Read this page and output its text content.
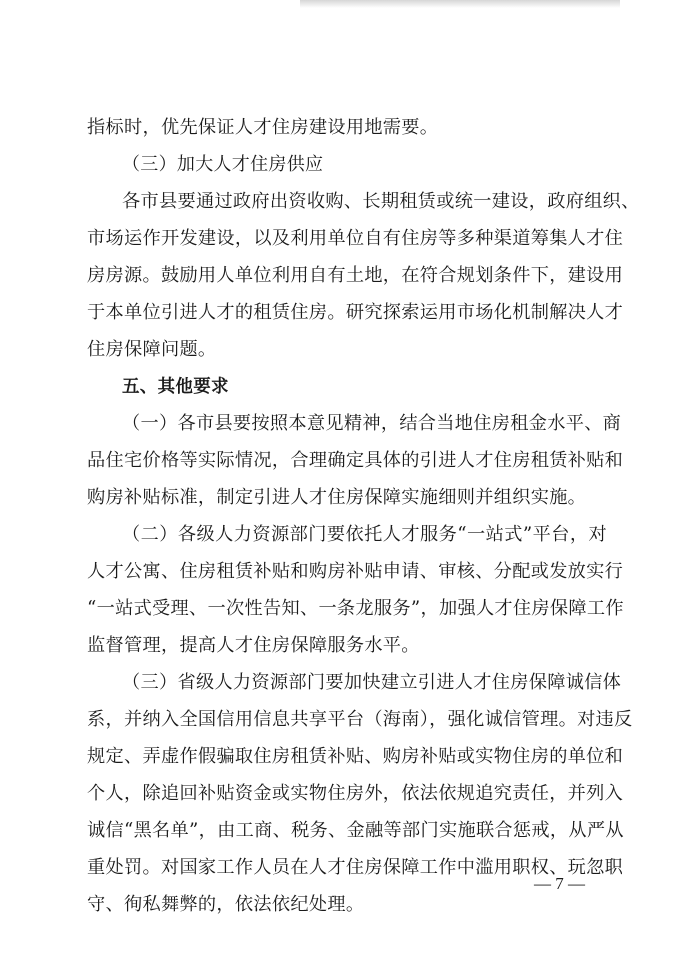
指标时，优先保证人才住房建设用地需要。
（三）加大人才住房供应
各市县要通过政府出资收购、长期租赁或统一建设，政府组织、
市场运作开发建设，以及利用单位自有住房等多种渠道筹集人才住
房房源。鼓励用人单位利用自有土地，在符合规划条件下，建设用
于本单位引进人才的租赁住房。研究探索运用市场化机制解决人才
住房保障问题。
五、其他要求
（一）各市县要按照本意见精神，结合当地住房租金水平、商
品住宅价格等实际情况，合理确定具体的引进人才住房租赁补贴和
购房补贴标准，制定引进人才住房保障实施细则并组织实施。
（二）各级人力资源部门要依托人才服务“一站式”平台，对
人才公寓、住房租赁补贴和购房补贴申请、审核、分配或发放实行
“一站式受理、一次性告知、一条龙服务”，加强人才住房保障工作
监督管理，提高人才住房保障服务水平。
（三）省级人力资源部门要加快建立引进人才住房保障诚信体
系，并纳入全国信用信息共享平台（海南），强化诚信管理。对违反
规定、弄虚作假骗取住房租赁补贴、购房补贴或实物住房的单位和
个人，除追回补贴资金或实物住房外，依法依规追究责任，并列入
诚信“黑名单”，由工商、税务、金融等部门实施联合惩戒，从严从
重处罚。对国家工作人员在人才住房保障工作中滥用职权、玩忽职
守、徇私舞弊的，依法依纪处理。
— 7 —
